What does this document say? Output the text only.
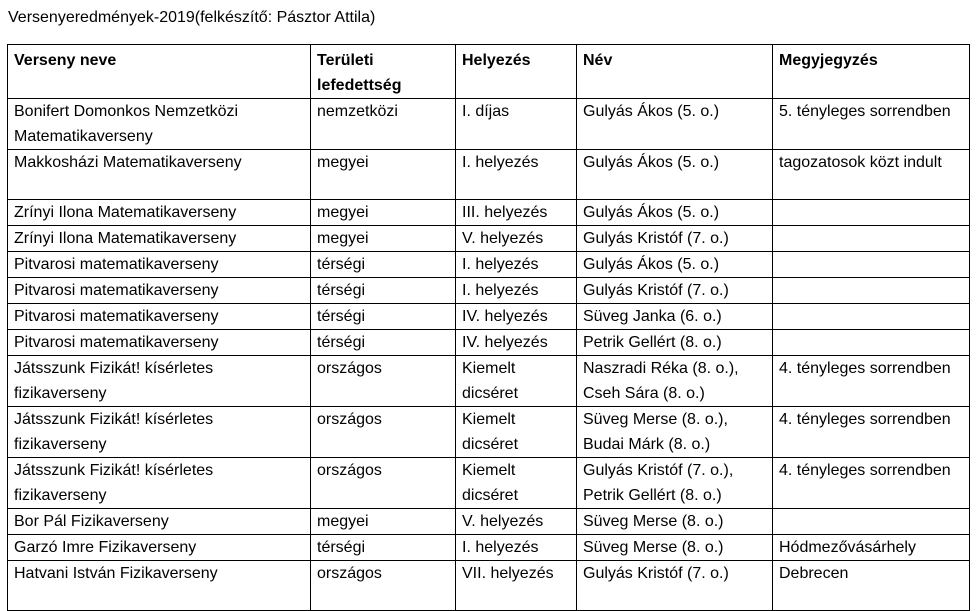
Versenyeredmények-2019(felkészítő: Pásztor Attila)
Verseny neve	Területi lefedettség	Helyezés	Név	Megyjegyzés
Bonifert Domonkos Nemzetközi Matematikaverseny	nemzetközi	I. díjas	Gulyás Ákos (5. o.)	5. tényleges sorrendben
Makkosházi Matematikaverseny	megyei	I. helyezés	Gulyás Ákos (5. o.)	tagozatosok közt indult
Zrínyi Ilona Matematikaverseny	megyei	III. helyezés	Gulyás Ákos (5. o.)	
Zrínyi Ilona Matematikaverseny	megyei	V. helyezés	Gulyás Kristóf (7. o.)	
Pitvarosi matematikaverseny	térségi	I. helyezés	Gulyás Ákos (5. o.)	
Pitvarosi matematikaverseny	térségi	I. helyezés	Gulyás Kristóf (7. o.)	
Pitvarosi matematikaverseny	térségi	IV. helyezés	Süveg Janka (6. o.)	
Pitvarosi matematikaverseny	térségi	IV. helyezés	Petrik Gellért (8. o.)	
Játsszunk Fizikát! kísérletes fizikaverseny	országos	Kiemelt dicséret	Naszradi Réka (8. o.), Cseh Sára (8. o.)	4. tényleges sorrendben
Játsszunk Fizikát! kísérletes fizikaverseny	országos	Kiemelt dicséret	Süveg Merse (8. o.), Budai Márk (8. o.)	4. tényleges sorrendben
Játsszunk Fizikát! kísérletes fizikaverseny	országos	Kiemelt dicséret	Gulyás Kristóf (7. o.), Petrik Gellért (8. o.)	4. tényleges sorrendben
Bor Pál Fizikaverseny	megyei	V. helyezés	Süveg Merse (8. o.)	
Garzó Imre Fizikaverseny	térségi	I. helyezés	Süveg Merse (8. o.)	Hódmezővásárhely
Hatvani István Fizikaverseny	országos	VII. helyezés	Gulyás Kristóf (7. o.)	Debrecen
